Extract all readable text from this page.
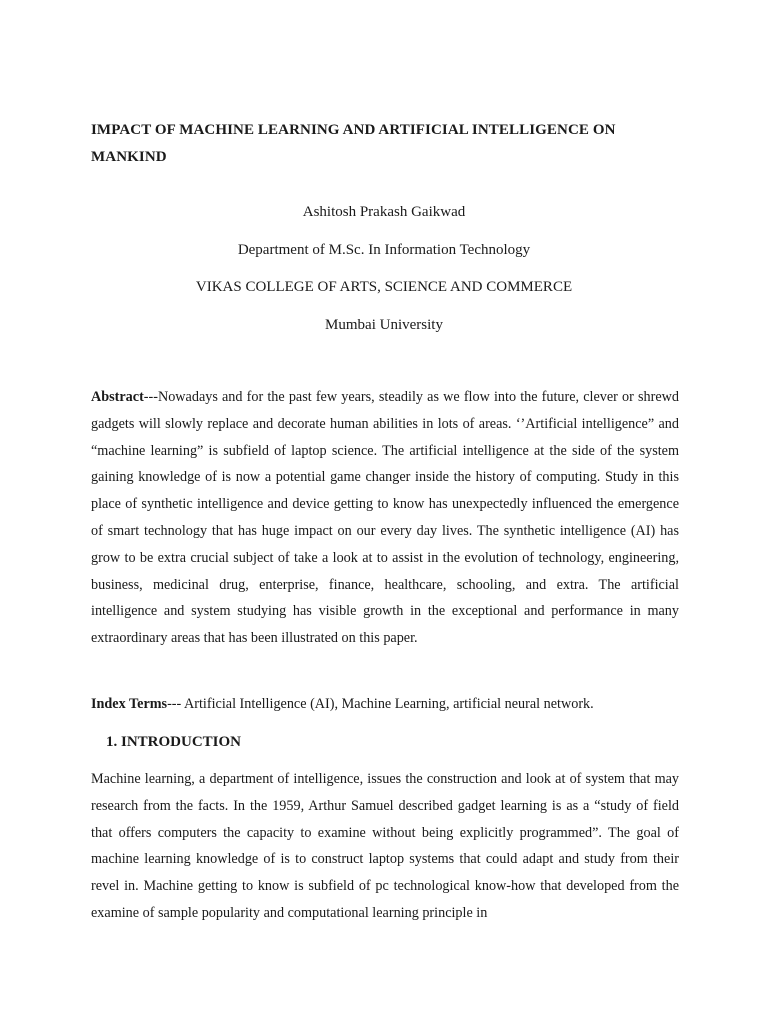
IMPACT OF MACHINE LEARNING AND ARTIFICIAL INTELLIGENCE ON MANKIND
Ashitosh Prakash Gaikwad
Department of M.Sc. In Information Technology
VIKAS COLLEGE OF ARTS, SCIENCE AND COMMERCE
Mumbai University
Abstract---Nowadays and for the past few years, steadily as we flow into the future, clever or shrewd gadgets will slowly replace and decorate human abilities in lots of areas. ‘’Artificial intelligence” and “machine learning” is subfield of laptop science. The artificial intelligence at the side of the system gaining knowledge of is now a potential game changer inside the history of computing. Study in this place of synthetic intelligence and device getting to know has unexpectedly influenced the emergence of smart technology that has huge impact on our every day lives. The synthetic intelligence (AI) has grow to be extra crucial subject of take a look at to assist in the evolution of technology, engineering, business, medicinal drug, enterprise, finance, healthcare, schooling, and extra. The artificial intelligence and system studying has visible growth in the exceptional and performance in many extraordinary areas that has been illustrated on this paper.
Index Terms--- Artificial Intelligence (AI), Machine Learning, artificial neural network.
1. INTRODUCTION
Machine learning, a department of intelligence, issues the construction and look at of system that may research from the facts. In the 1959, Arthur Samuel described gadget learning is as a “study of field that offers computers the capacity to examine without being explicitly programmed”. The goal of machine learning knowledge of is to construct laptop systems that could adapt and study from their revel in. Machine getting to know is subfield of pc technological know-how that developed from the examine of sample popularity and computational learning principle in
